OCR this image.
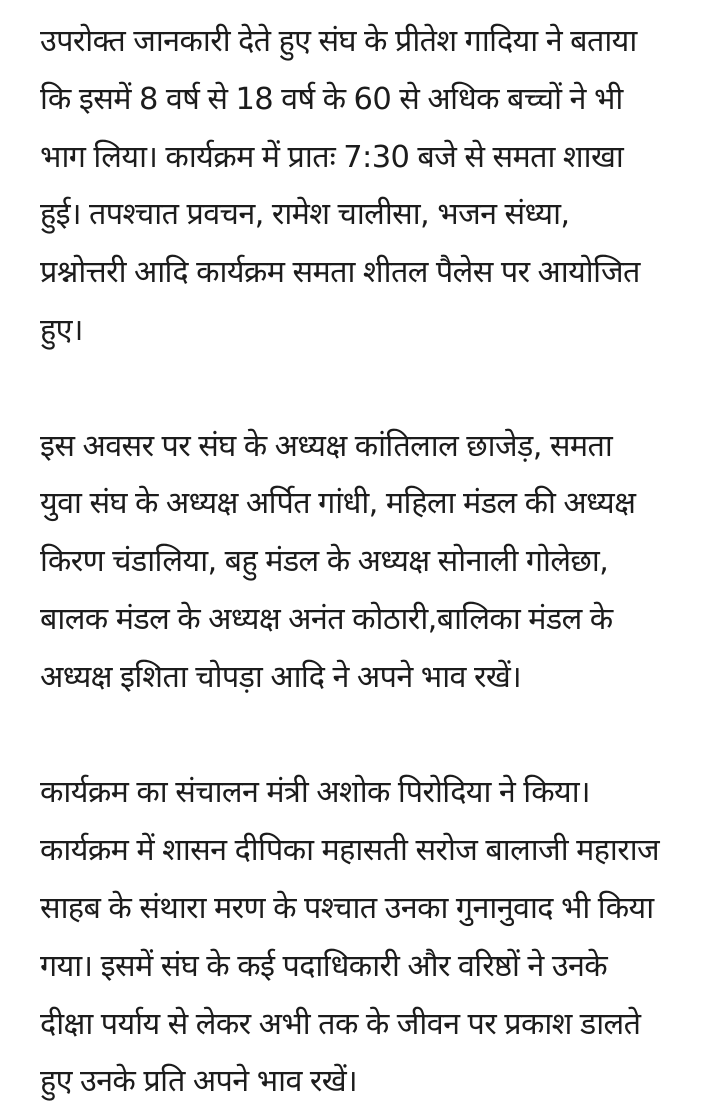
उपरोक्त जानकारी देते हुए संघ के प्रीतेश गादिया ने बताया
कि इसमें 8 वर्ष से 18 वर्ष के 60 से अधिक बच्चों ने भी
भाग लिया। कार्यक्रम में प्रातः 7:30 बजे से समता शाखा
हुई। तपश्चात प्रवचन, रामेश चालीसा, भजन संध्या,
प्रश्नोत्तरी आदि कार्यक्रम समता शीतल पैलेस पर आयोजित
हुए।

इस अवसर पर संघ के अध्यक्ष कांतिलाल छाजेड़, समता
युवा संघ के अध्यक्ष अर्पित गांधी, महिला मंडल की अध्यक्ष
किरण चंडालिया, बहु मंडल के अध्यक्ष सोनाली गोलेछा,
बालक मंडल के अध्यक्ष अनंत कोठारी,बालिका मंडल के
अध्यक्ष इशिता चोपड़ा आदि ने अपने भाव रखें।

कार्यक्रम का संचालन मंत्री अशोक पिरोदिया ने किया।
कार्यक्रम में शासन दीपिका महासती सरोज बालाजी महाराज
साहब के संथारा मरण के पश्चात उनका गुनानुवाद भी किया
गया। इसमें संघ के कई पदाधिकारी और वरिष्ठों ने उनके
दीक्षा पर्याय से लेकर अभी तक के जीवन पर प्रकाश डालते
हुए उनके प्रति अपने भाव रखें।
